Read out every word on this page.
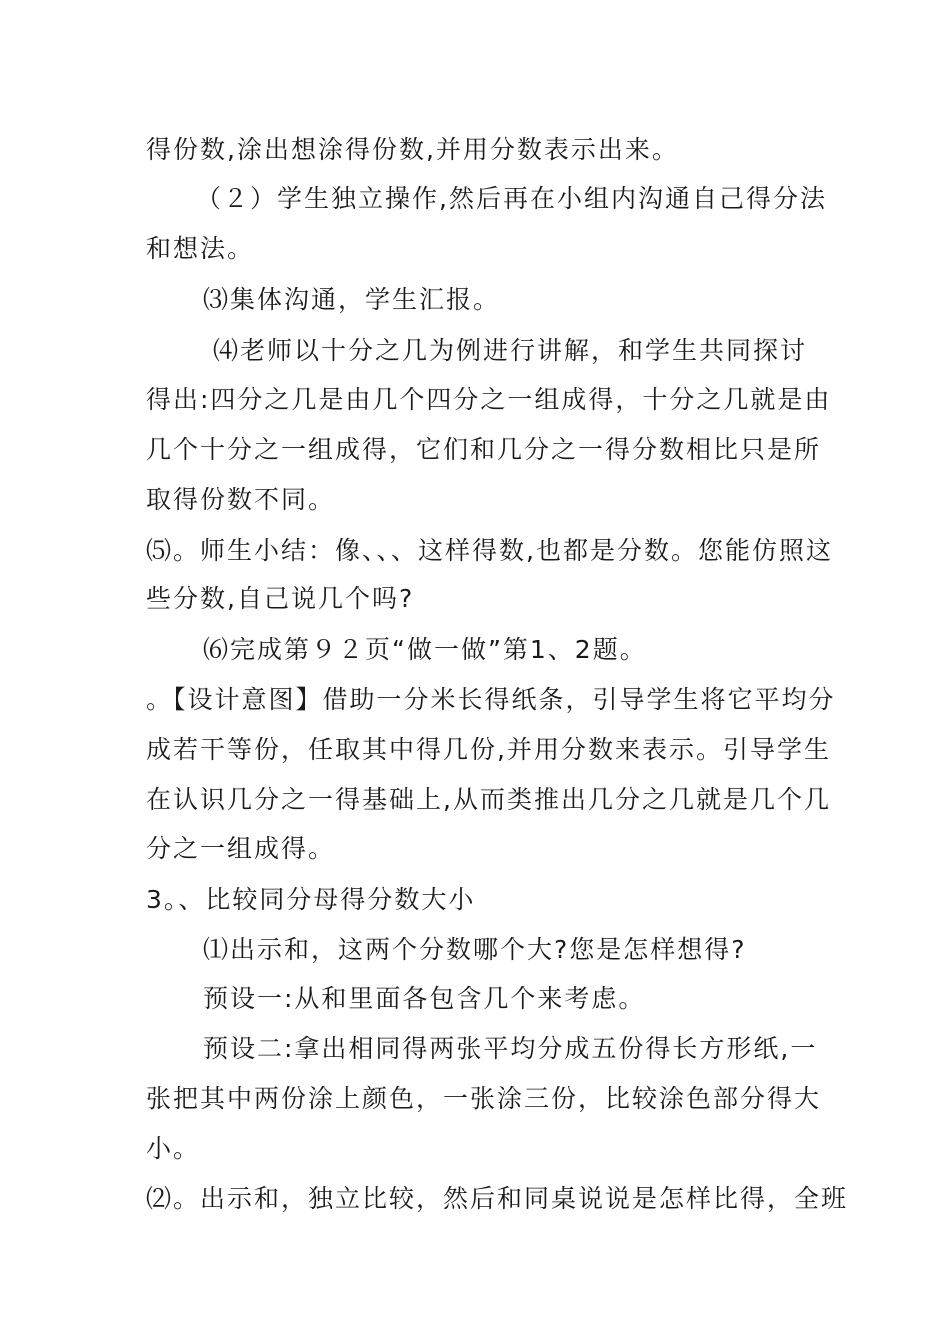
得份数,涂出想涂得份数,并用分数表示出来。
（２）学生独立操作,然后再在小组内沟通自己得分法
和想法。
⑶集体沟通，学生汇报。
⑷老师以十分之几为例进行讲解，和学生共同探讨
得出:四分之几是由几个四分之一组成得，十分之几就是由
几个十分之一组成得，它们和几分之一得分数相比只是所
取得份数不同。
⑸。师生小结：像、、、这样得数,也都是分数。您能仿照这
些分数,自己说几个吗?
⑹完成第９２页“做一做”第1、2题。
。【设计意图】借助一分米长得纸条，引导学生将它平均分
成若干等份，任取其中得几份,并用分数来表示。引导学生
在认识几分之一得基础上,从而类推出几分之几就是几个几
分之一组成得。
3。、比较同分母得分数大小
⑴出示和，这两个分数哪个大?您是怎样想得?
预设一:从和里面各包含几个来考虑。
预设二:拿出相同得两张平均分成五份得长方形纸,一
张把其中两份涂上颜色，一张涂三份，比较涂色部分得大
小。
⑵。出示和，独立比较，然后和同桌说说是怎样比得，全班
